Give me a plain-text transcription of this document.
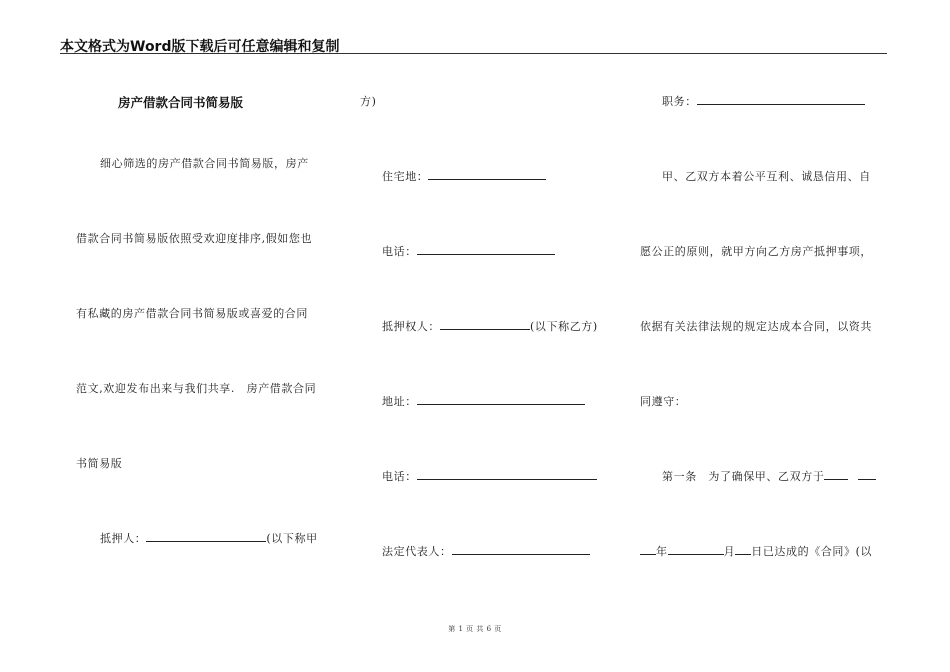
本文格式为Word版下载后可任意编辑和复制
房产借款合同书简易版
细心筛选的房产借款合同书简易版，房产
借款合同书简易版依照受欢迎度排序,假如您也
有私藏的房产借款合同书简易版或喜爱的合同
范文,欢迎发布出来与我们共享.　房产借款合同
书简易版
抵押人：	(以下称甲
方)
住宅地：
电话：
抵押权人：	(以下称乙方)
地址：
电话：
法定代表人：
职务：
甲、乙双方本着公平互利、诚恳信用、自
愿公正的原则，就甲方向乙方房产抵押事项，
依据有关法律法规的规定达成本合同，以资共
同遵守：
第一条　为了确保甲、乙双方于
年	月 日已达成的《合同》(以
第 1 页 共 6 页
